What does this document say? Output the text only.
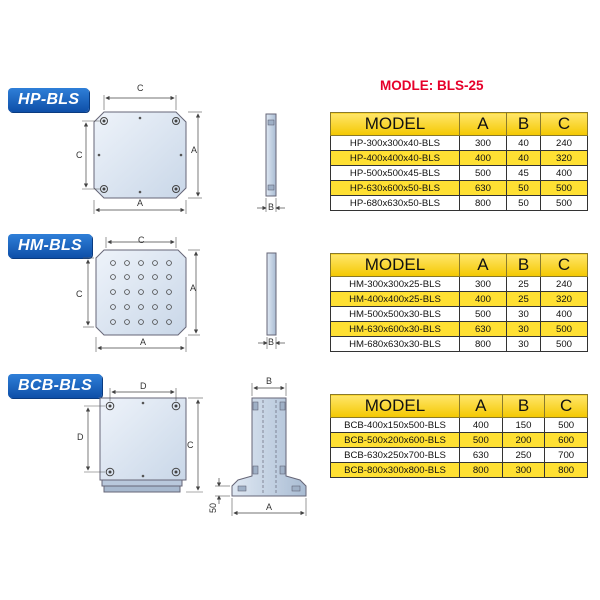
HP-BLS
HM-BLS
BCB-BLS
MODLE: BLS-25
C
C	A
A	B
C
C
A
A	B
D
D
C
B
A
50
MODEL	A	B	C
HP-300x300x40-BLS	300	40	240
HP-400x400x40-BLS	400	40	320
HP-500x500x45-BLS	500	45	400
HP-630x600x50-BLS	630	50	500
HP-680x630x50-BLS	800	50	500
MODEL	A	B	C
HM-300x300x25-BLS	300	25	240
HM-400x400x25-BLS	400	25	320
HM-500x500x30-BLS	500	30	400
HM-630x600x30-BLS	630	30	500
HM-680x630x30-BLS	800	30	500
MODEL	A	B	C
BCB-400x150x500-BLS	400	150	500
BCB-500x200x600-BLS	500	200	600
BCB-630x250x700-BLS	630	250	700
BCB-800x300x800-BLS	800	300	800
